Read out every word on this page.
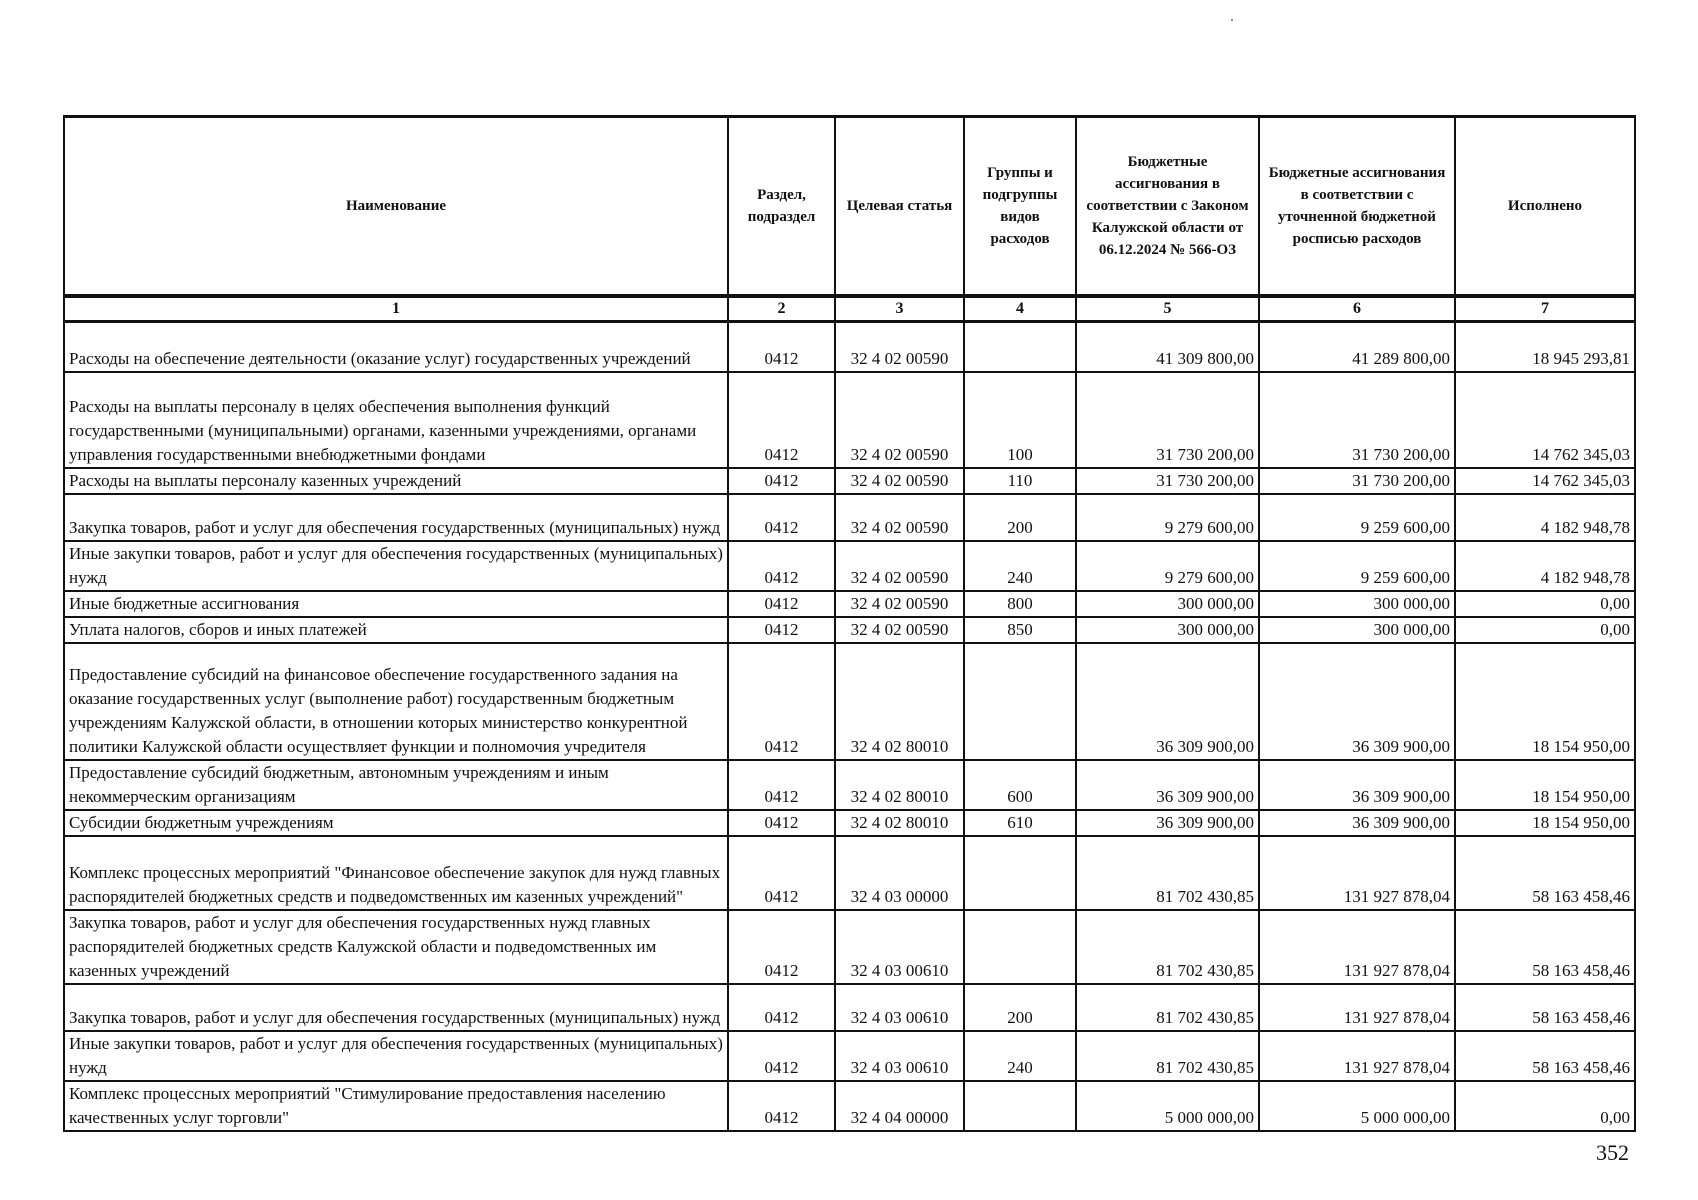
Наименование	Раздел, подраздел	Целевая статья	Группы и подгруппы видов расходов	Бюджетные ассигнования в соответствии с Законом Калужской области от 06.12.2024 № 566-ОЗ	Бюджетные ассигнования в соответствии с уточненной бюджетной росписью расходов	Исполнено
1	2	3	4	5	6	7
Расходы на обеспечение деятельности (оказание услуг) государственных учреждений	0412	32 4 02 00590		41 309 800,00	41 289 800,00	18 945 293,81
Расходы на выплаты персоналу в целях обеспечения выполнения функций государственными (муниципальными) органами, казенными учреждениями, органами управления государственными внебюджетными фондами	0412	32 4 02 00590	100	31 730 200,00	31 730 200,00	14 762 345,03
Расходы на выплаты персоналу казенных учреждений	0412	32 4 02 00590	110	31 730 200,00	31 730 200,00	14 762 345,03
Закупка товаров, работ и услуг для обеспечения государственных (муниципальных) нужд	0412	32 4 02 00590	200	9 279 600,00	9 259 600,00	4 182 948,78
Иные закупки товаров, работ и услуг для обеспечения государственных (муниципальных) нужд	0412	32 4 02 00590	240	9 279 600,00	9 259 600,00	4 182 948,78
Иные бюджетные ассигнования	0412	32 4 02 00590	800	300 000,00	300 000,00	0,00
Уплата налогов, сборов и иных платежей	0412	32 4 02 00590	850	300 000,00	300 000,00	0,00
Предоставление субсидий на финансовое обеспечение государственного задания на оказание государственных услуг (выполнение работ) государственным бюджетным учреждениям Калужской области, в отношении которых министерство конкурентной политики Калужской области осуществляет функции и полномочия учредителя	0412	32 4 02 80010		36 309 900,00	36 309 900,00	18 154 950,00
Предоставление субсидий бюджетным, автономным учреждениям и иным некоммерческим организациям	0412	32 4 02 80010	600	36 309 900,00	36 309 900,00	18 154 950,00
Субсидии бюджетным учреждениям	0412	32 4 02 80010	610	36 309 900,00	36 309 900,00	18 154 950,00
Комплекс процессных мероприятий "Финансовое обеспечение закупок для нужд главных распорядителей бюджетных средств и подведомственных им казенных учреждений"	0412	32 4 03 00000		81 702 430,85	131 927 878,04	58 163 458,46
Закупка товаров, работ и услуг для обеспечения государственных нужд главных распорядителей бюджетных средств Калужской области и подведомственных им казенных учреждений	0412	32 4 03 00610		81 702 430,85	131 927 878,04	58 163 458,46
Закупка товаров, работ и услуг для обеспечения государственных (муниципальных) нужд	0412	32 4 03 00610	200	81 702 430,85	131 927 878,04	58 163 458,46
Иные закупки товаров, работ и услуг для обеспечения государственных (муниципальных) нужд	0412	32 4 03 00610	240	81 702 430,85	131 927 878,04	58 163 458,46
Комплекс процессных мероприятий "Стимулирование предоставления населению качественных услуг торговли"	0412	32 4 04 00000		5 000 000,00	5 000 000,00	0,00
352
